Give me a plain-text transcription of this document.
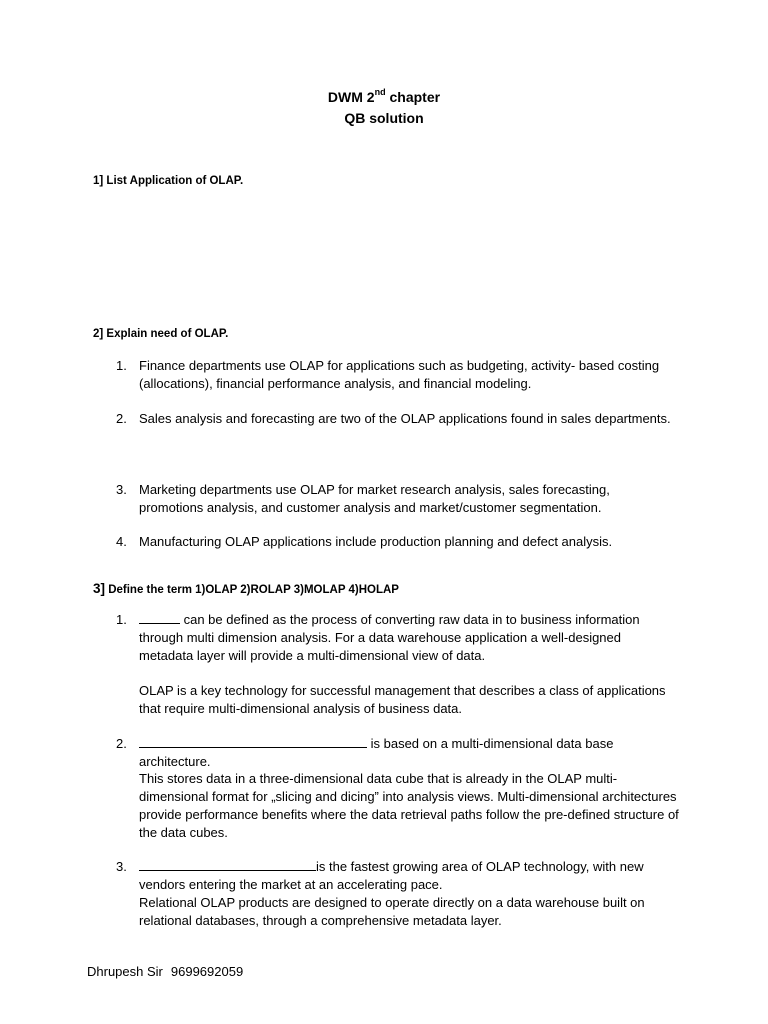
DWM 2nd chapter
QB solution
1] List Application of OLAP.
2] Explain need of OLAP.
1. Finance departments use OLAP for applications such as budgeting, activity- based costing (allocations), financial performance analysis, and financial modeling.
2. Sales analysis and forecasting are two of the OLAP applications found in sales departments.
3. Marketing departments use OLAP for market research analysis, sales forecasting, promotions analysis, and customer analysis and market/customer segmentation.
4. Manufacturing OLAP applications include production planning and defect analysis.
3] Define the term 1)OLAP 2)ROLAP 3)MOLAP 4)HOLAP
1.	can be defined as the process of converting raw data in to business information through multi dimension analysis. For a data warehouse application a well-designed metadata layer will provide a multi-dimensional view of data.
OLAP is a key technology for successful management that describes a class of applications that require multi-dimensional analysis of business data.
2.	is based on a multi-dimensional data base architecture.
This stores data in a three-dimensional data cube that is already in the OLAP multi- dimensional format for „slicing and dicing” into analysis views. Multi-dimensional architectures provide performance benefits where the data retrieval paths follow the pre-defined structure of the data cubes.
3.	is the fastest growing area of OLAP technology, with new vendors entering the market at an accelerating pace.
Relational OLAP products are designed to operate directly on a data warehouse built on relational databases, through a comprehensive metadata layer.
Dhrupesh Sir 9699692059
